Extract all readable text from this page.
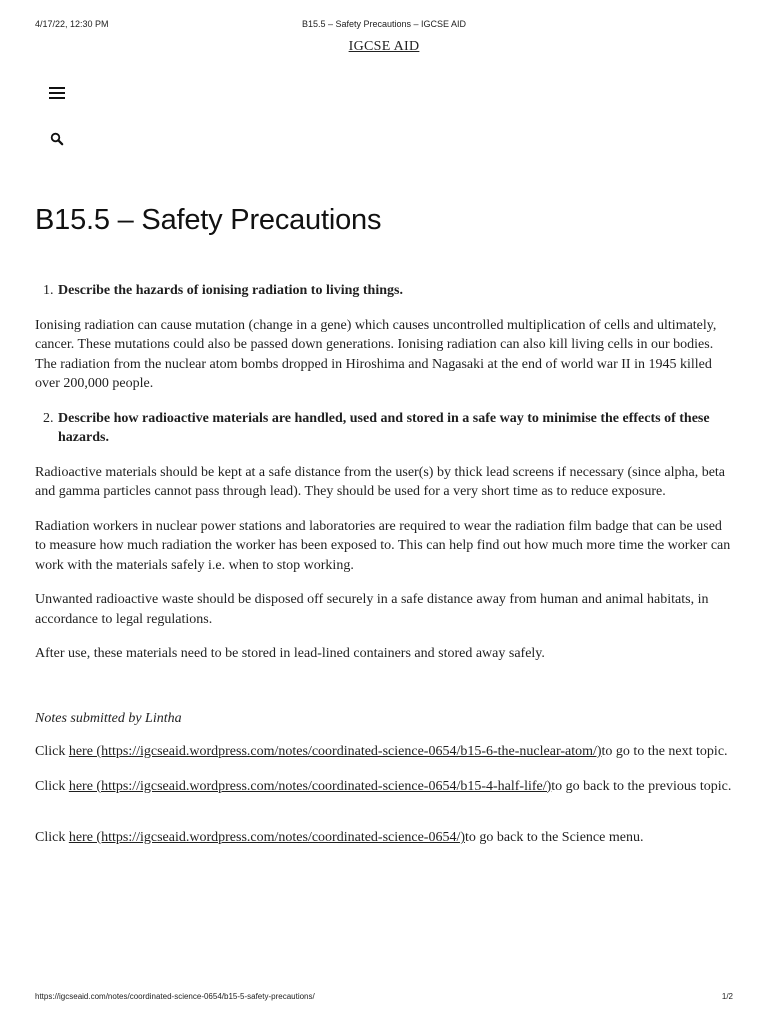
4/17/22, 12:30 PM	B15.5 – Safety Precautions – IGCSE AID
IGCSE AID
B15.5 – Safety Precautions

1. Describe the hazards of ionising radiation to living things.

Ionising radiation can cause mutation (change in a gene) which causes uncontrolled multiplication of cells and ultimately, cancer. These mutations could also be passed down generations. Ionising radiation can also kill living cells in our bodies. The radiation from the nuclear atom bombs dropped in Hiroshima and Nagasaki at the end of world war II in 1945 killed over 200,000 people.

2. Describe how radioactive materials are handled, used and stored in a safe way to minimise the effects of these hazards.

Radioactive materials should be kept at a safe distance from the user(s) by thick lead screens if necessary (since alpha, beta and gamma particles cannot pass through lead). They should be used for a very short time as to reduce exposure.

Radiation workers in nuclear power stations and laboratories are required to wear the radiation film badge that can be used to measure how much radiation the worker has been exposed to. This can help find out how much more time the worker can work with the materials safely i.e. when to stop working.

Unwanted radioactive waste should be disposed off securely in a safe distance away from human and animal habitats, in accordance to legal regulations.

After use, these materials need to be stored in lead-lined containers and stored away safely.

Notes submitted by Lintha

Click here (https://igcseaid.wordpress.com/notes/coordinated-science-0654/b15-6-the-nuclear-atom/)to go to the next topic.

Click here (https://igcseaid.wordpress.com/notes/coordinated-science-0654/b15-4-half-life/)to go back to the previous topic.

Click here (https://igcseaid.wordpress.com/notes/coordinated-science-0654/)to go back to the Science menu.

https://igcseaid.com/notes/coordinated-science-0654/b15-5-safety-precautions/	1/2
